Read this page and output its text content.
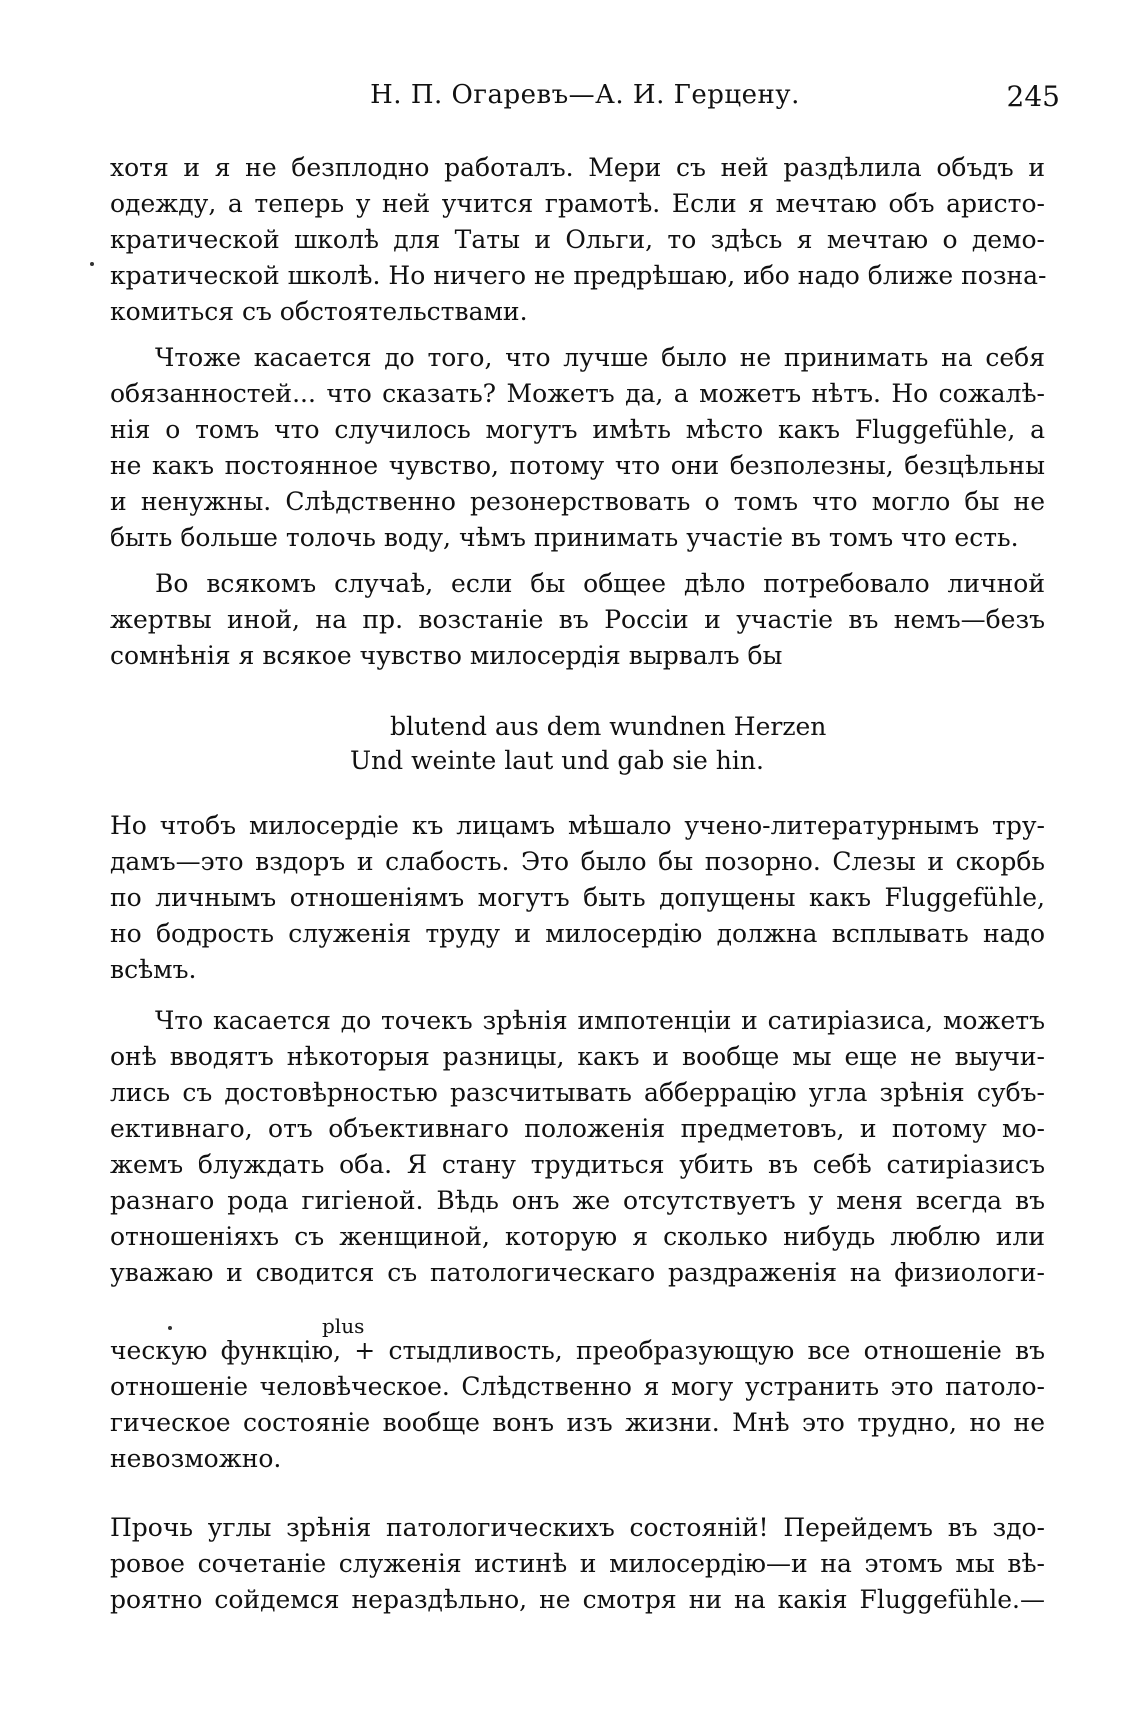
Н. П. Огаревъ—А. И. Герцену.	245
хотя и я не безплодно работалъ. Мери съ ней раздѣлила объдъ и
одежду, а теперь у ней учится грамотѣ. Если я мечтаю объ аристо-
кратической школѣ для Таты и Ольги, то здѣсь я мечтаю о демо-
кратической школѣ. Но ничего не предрѣшаю, ибо надо ближе позна-
комиться съ обстоятельствами.
Чтоже касается до того, что лучше было не принимать на себя
обязанностей... что сказать? Можетъ да, а можетъ нѣтъ. Но сожалѣ-
нія о томъ что случилось могутъ имѣть мѣсто какъ Fluggefühle, а
не какъ постоянное чувство, потому что они безполезны, безцѣльны
и ненужны. Слѣдственно резонерствовать о томъ что могло бы не
быть больше толочь воду, чѣмъ принимать участіе въ томъ что есть.
Во всякомъ случаѣ, если бы общее дѣло потребовало личной
жертвы иной, на пр. возстаніе въ Россіи и участіе въ немъ—безъ
сомнѣнія я всякое чувство милосердія вырвалъ бы
blutend aus dem wundnen Herzen
Und weinte laut und gab sie hin.
Но чтобъ милосердіе къ лицамъ мѣшало учено-литературнымъ тру-
дамъ—это вздоръ и слабость. Это было бы позорно. Слезы и скорбь
по личнымъ отношеніямъ могутъ быть допущены какъ Fluggefühle,
но бодрость служенія труду и милосердію должна всплывать надо
всѣмъ.
Что касается до точекъ зрѣнія импотенціи и сатиріазиса, можетъ
онѣ вводятъ нѣкоторыя разницы, какъ и вообще мы еще не выучи-
лись съ достовѣрностью разсчитывать абберрацію угла зрѣнія субъ-
ективнаго, отъ объективнаго положенія предметовъ, и потому мо-
жемъ блуждать оба. Я стану трудиться убить въ себѣ сатиріазисъ
разнаго рода гигіеной. Вѣдь онъ же отсутствуетъ у меня всегда въ
отношеніяхъ съ женщиной, которую я сколько нибудь люблю или
уважаю и сводится съ патологическаго раздраженія на физиологи-
plus
ческую функцію, + стыдливость, преобразующую все отношеніе въ
отношеніе человѣческое. Слѣдственно я могу устранить это патоло-
гическое состояніе вообще вонъ изъ жизни. Мнѣ это трудно, но не
невозможно.
Прочь углы зрѣнія патологическихъ состояній! Перейдемъ въ здо-
ровое сочетаніе служенія истинѣ и милосердію—и на этомъ мы вѣ-
роятно сойдемся нераздѣльно, не смотря ни на какія Fluggefühle.—
